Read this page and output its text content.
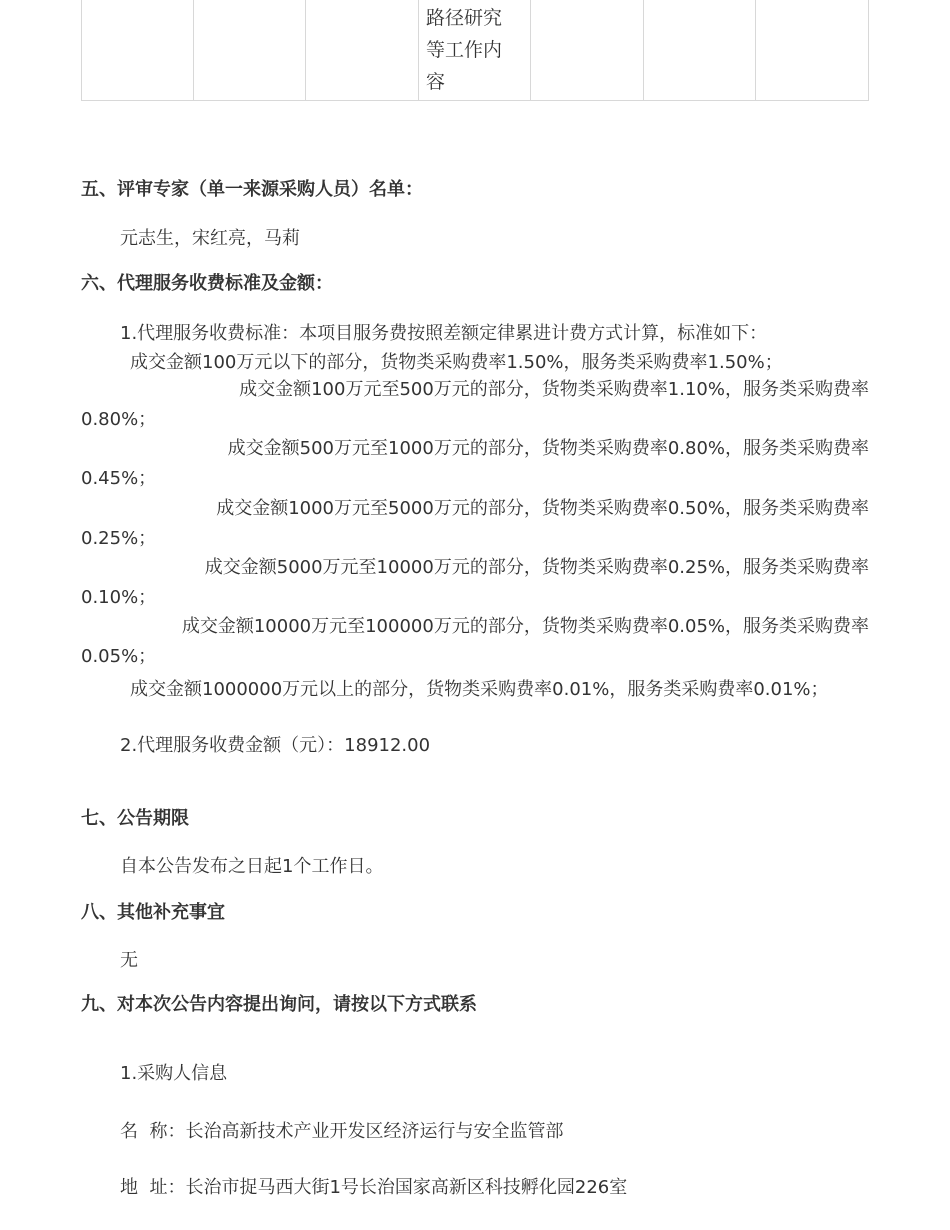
路径研究
等工作内
容
五、评审专家（单一来源采购人员）名单：
元志生，宋红亮，马莉
六、代理服务收费标准及金额：
1.代理服务收费标准：本项目服务费按照差额定律累进计费方式计算，标准如下：
成交金额100万元以下的部分，货物类采购费率1.50%，服务类采购费率1.50%；
成交金额100万元至500万元的部分，货物类采购费率1.10%，服务类采购费率
0.80%；
成交金额500万元至1000万元的部分，货物类采购费率0.80%，服务类采购费率
0.45%；
成交金额1000万元至5000万元的部分，货物类采购费率0.50%，服务类采购费率
0.25%；
成交金额5000万元至10000万元的部分，货物类采购费率0.25%，服务类采购费率
0.10%；
成交金额10000万元至100000万元的部分，货物类采购费率0.05%，服务类采购费率
0.05%；
成交金额1000000万元以上的部分，货物类采购费率0.01%，服务类采购费率0.01%；
2.代理服务收费金额（元）：18912.00
七、公告期限
自本公告发布之日起1个工作日。
八、其他补充事宜
无
九、对本次公告内容提出询问，请按以下方式联系
1.采购人信息
名  称：长治高新技术产业开发区经济运行与安全监管部
地  址：长治市捉马西大街1号长治国家高新区科技孵化园226室
